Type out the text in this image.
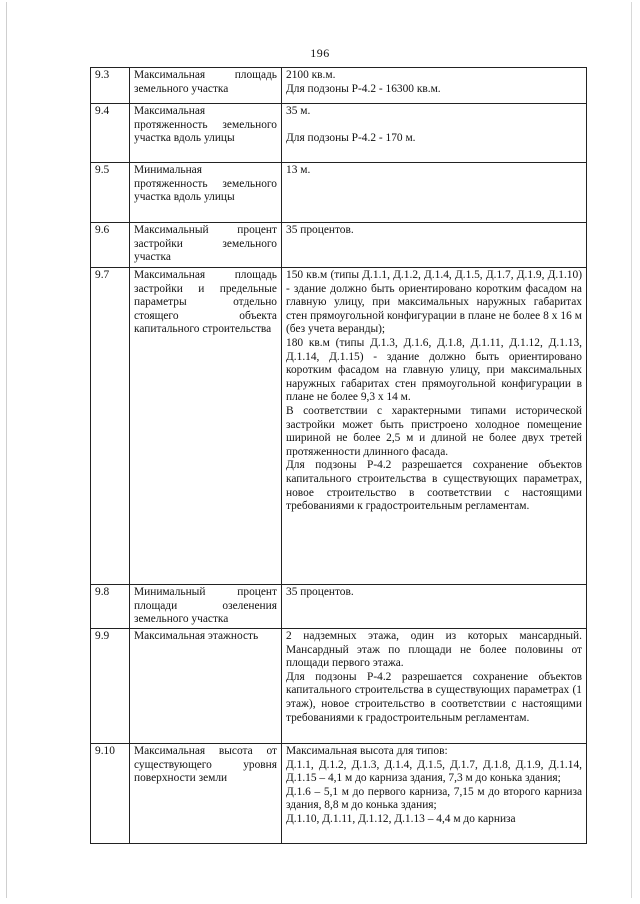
196
9.3	Максимальная площадь земельного участка	2100 кв.м.

Для подзоны Р-4.2 - 16300 кв.м.

9.4	Максимальная протяженность земельного участка вдоль улицы	35 м.

Для подзоны Р-4.2 - 170 м.

9.5	Минимальная протяженность земельного участка вдоль улицы	13 м.

9.6	Максимальный процент застройки земельного участка	35 процентов.

9.7	Максимальная площадь застройки и предельные параметры отдельно стоящего объекта капитального строительства	150 кв.м (типы Д.1.1, Д.1.2, Д.1.4, Д.1.5, Д.1.7, Д.1.9, Д.1.10) - здание должно быть ориентировано коротким фасадом на главную улицу, при максимальных наружных габаритах стен прямоугольной конфигурации в плане не более 8 х 16 м (без учета веранды);

180 кв.м (типы Д.1.3, Д.1.6, Д.1.8, Д.1.11, Д.1.12, Д.1.13, Д.1.14, Д.1.15) - здание должно быть ориентировано коротким фасадом на главную улицу, при максимальных наружных габаритах стен прямоугольной конфигурации в плане не более 9,3 х 14 м.

В соответствии с характерными типами исторической застройки может быть пристроено холодное помещение шириной не более 2,5 м и длиной не более двух третей протяженности длинного фасада.

Для подзоны Р-4.2 разрешается сохранение объектов капитального строительства в существующих параметрах, новое строительство в соответствии с настоящими требованиями к градостроительным регламентам.

9.8	Минимальный процент площади озеленения земельного участка	35 процентов.

9.9	Максимальная этажность	2 надземных этажа, один из которых мансардный. Мансардный этаж по площади не более половины от площади первого этажа.

Для подзоны Р-4.2 разрешается сохранение объектов капитального строительства в существующих параметрах (1 этаж), новое строительство в соответствии с настоящими требованиями к градостроительным регламентам.

9.10	Максимальная высота от существующего уровня поверхности земли	Максимальная высота для типов:

Д.1.1, Д.1.2, Д.1.3, Д.1.4, Д.1.5, Д.1.7, Д.1.8, Д.1.9, Д.1.14, Д.1.15 – 4,1 м до карниза здания, 7,3 м до конька здания;

Д.1.6 – 5,1 м до первого карниза, 7,15 м до второго карниза здания, 8,8 м до конька здания;

Д.1.10, Д.1.11, Д.1.12, Д.1.13 – 4,4 м до карниза
